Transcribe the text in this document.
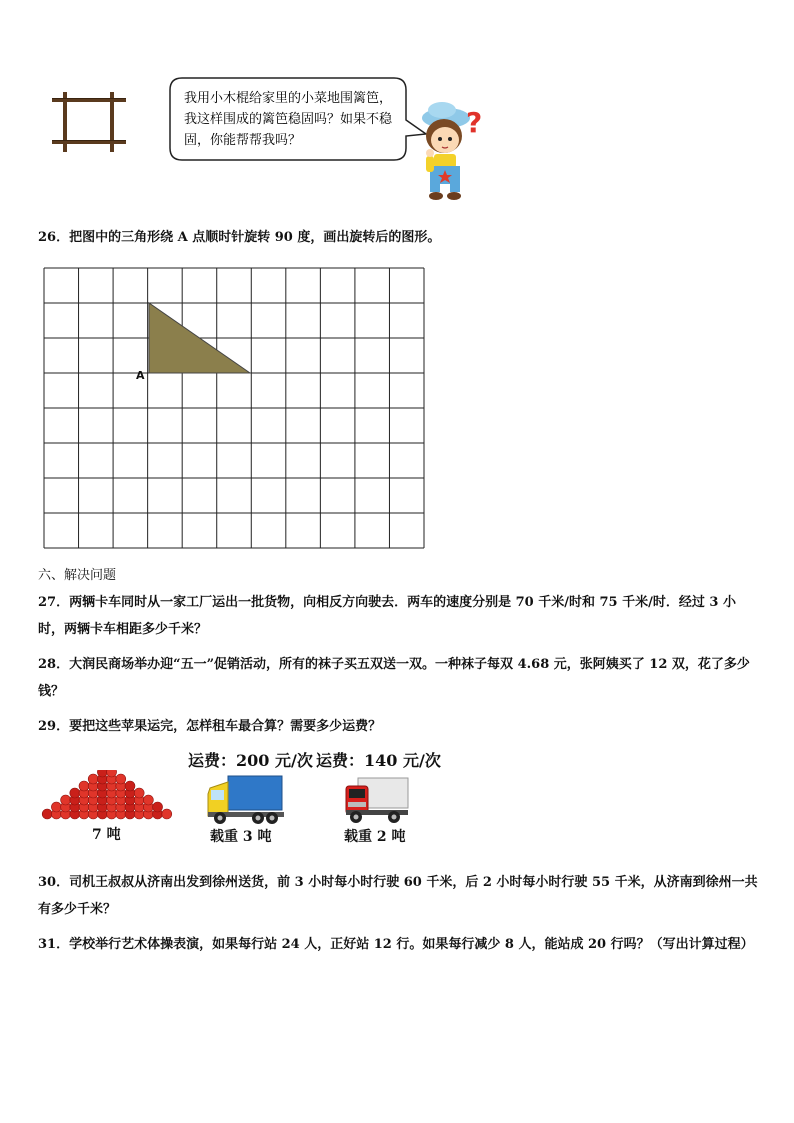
我用小木棍给家里的小菜地围篱笆，我这样围成的篱笆稳固吗？如果不稳固，你能帮帮我吗？
?
26．把图中的三角形绕 A 点顺时针旋转 90 度，画出旋转后的图形。
A
六、解决问题
27．两辆卡车同时从一家工厂运出一批货物，向相反方向驶去．两车的速度分别是 70 千米/时和 75 千米/时．经过 3 小时，两辆卡车相距多少千米？
28．大润民商场举办迎“五一”促销活动，所有的袜子买五双送一双。一种袜子每双 4.68 元，张阿姨买了 12 双，花了多少钱？
29．要把这些苹果运完，怎样租车最合算？需要多少运费？
运费：200 元/次 运费：140 元/次
7 吨	载重 3 吨	载重 2 吨
30．司机王叔叔从济南出发到徐州送货，前 3 小时每小时行驶 60 千米，后 2 小时每小时行驶 55 千米，从济南到徐州一共有多少千米？
31．学校举行艺术体操表演，如果每行站 24 人，正好站 12 行。如果每行减少 8 人，能站成 20 行吗？（写出计算过程）
